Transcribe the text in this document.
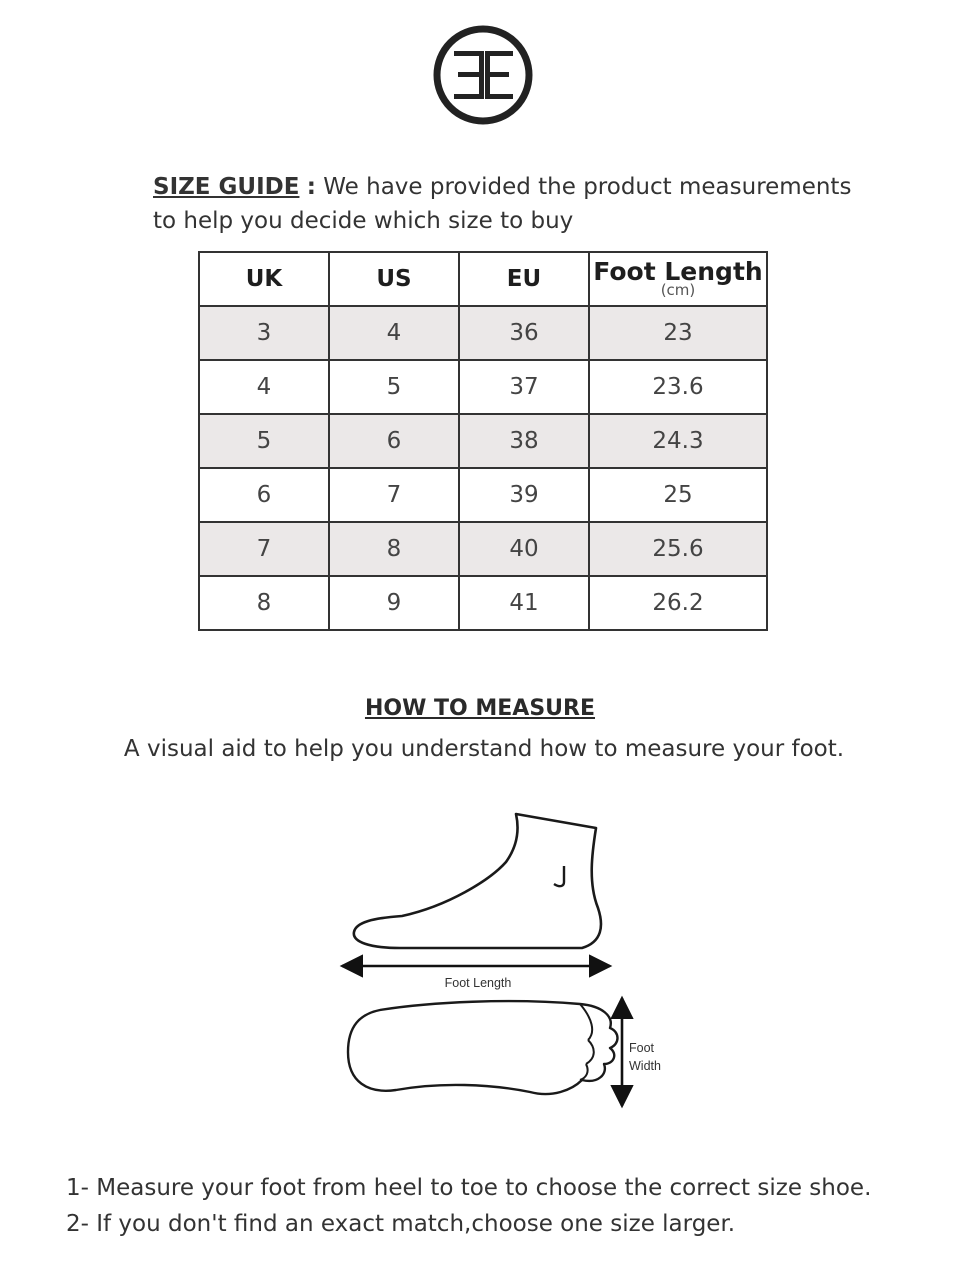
SIZE GUIDE : We have provided the product measurements
to help you decide which size to buy
UK	US	EU	Foot Length
(cm)

3	4	36	23
4	5	37	23.6
5	6	38	24.3
6	7	39	25
7	8	40	25.6
8	9	41	26.2
HOW TO MEASURE
A visual aid to help you understand how to measure your foot.
Foot Length
Foot
Width

1- Measure your foot from heel to toe to choose the correct size shoe.

2- If you don't find an exact match,choose one size larger.
